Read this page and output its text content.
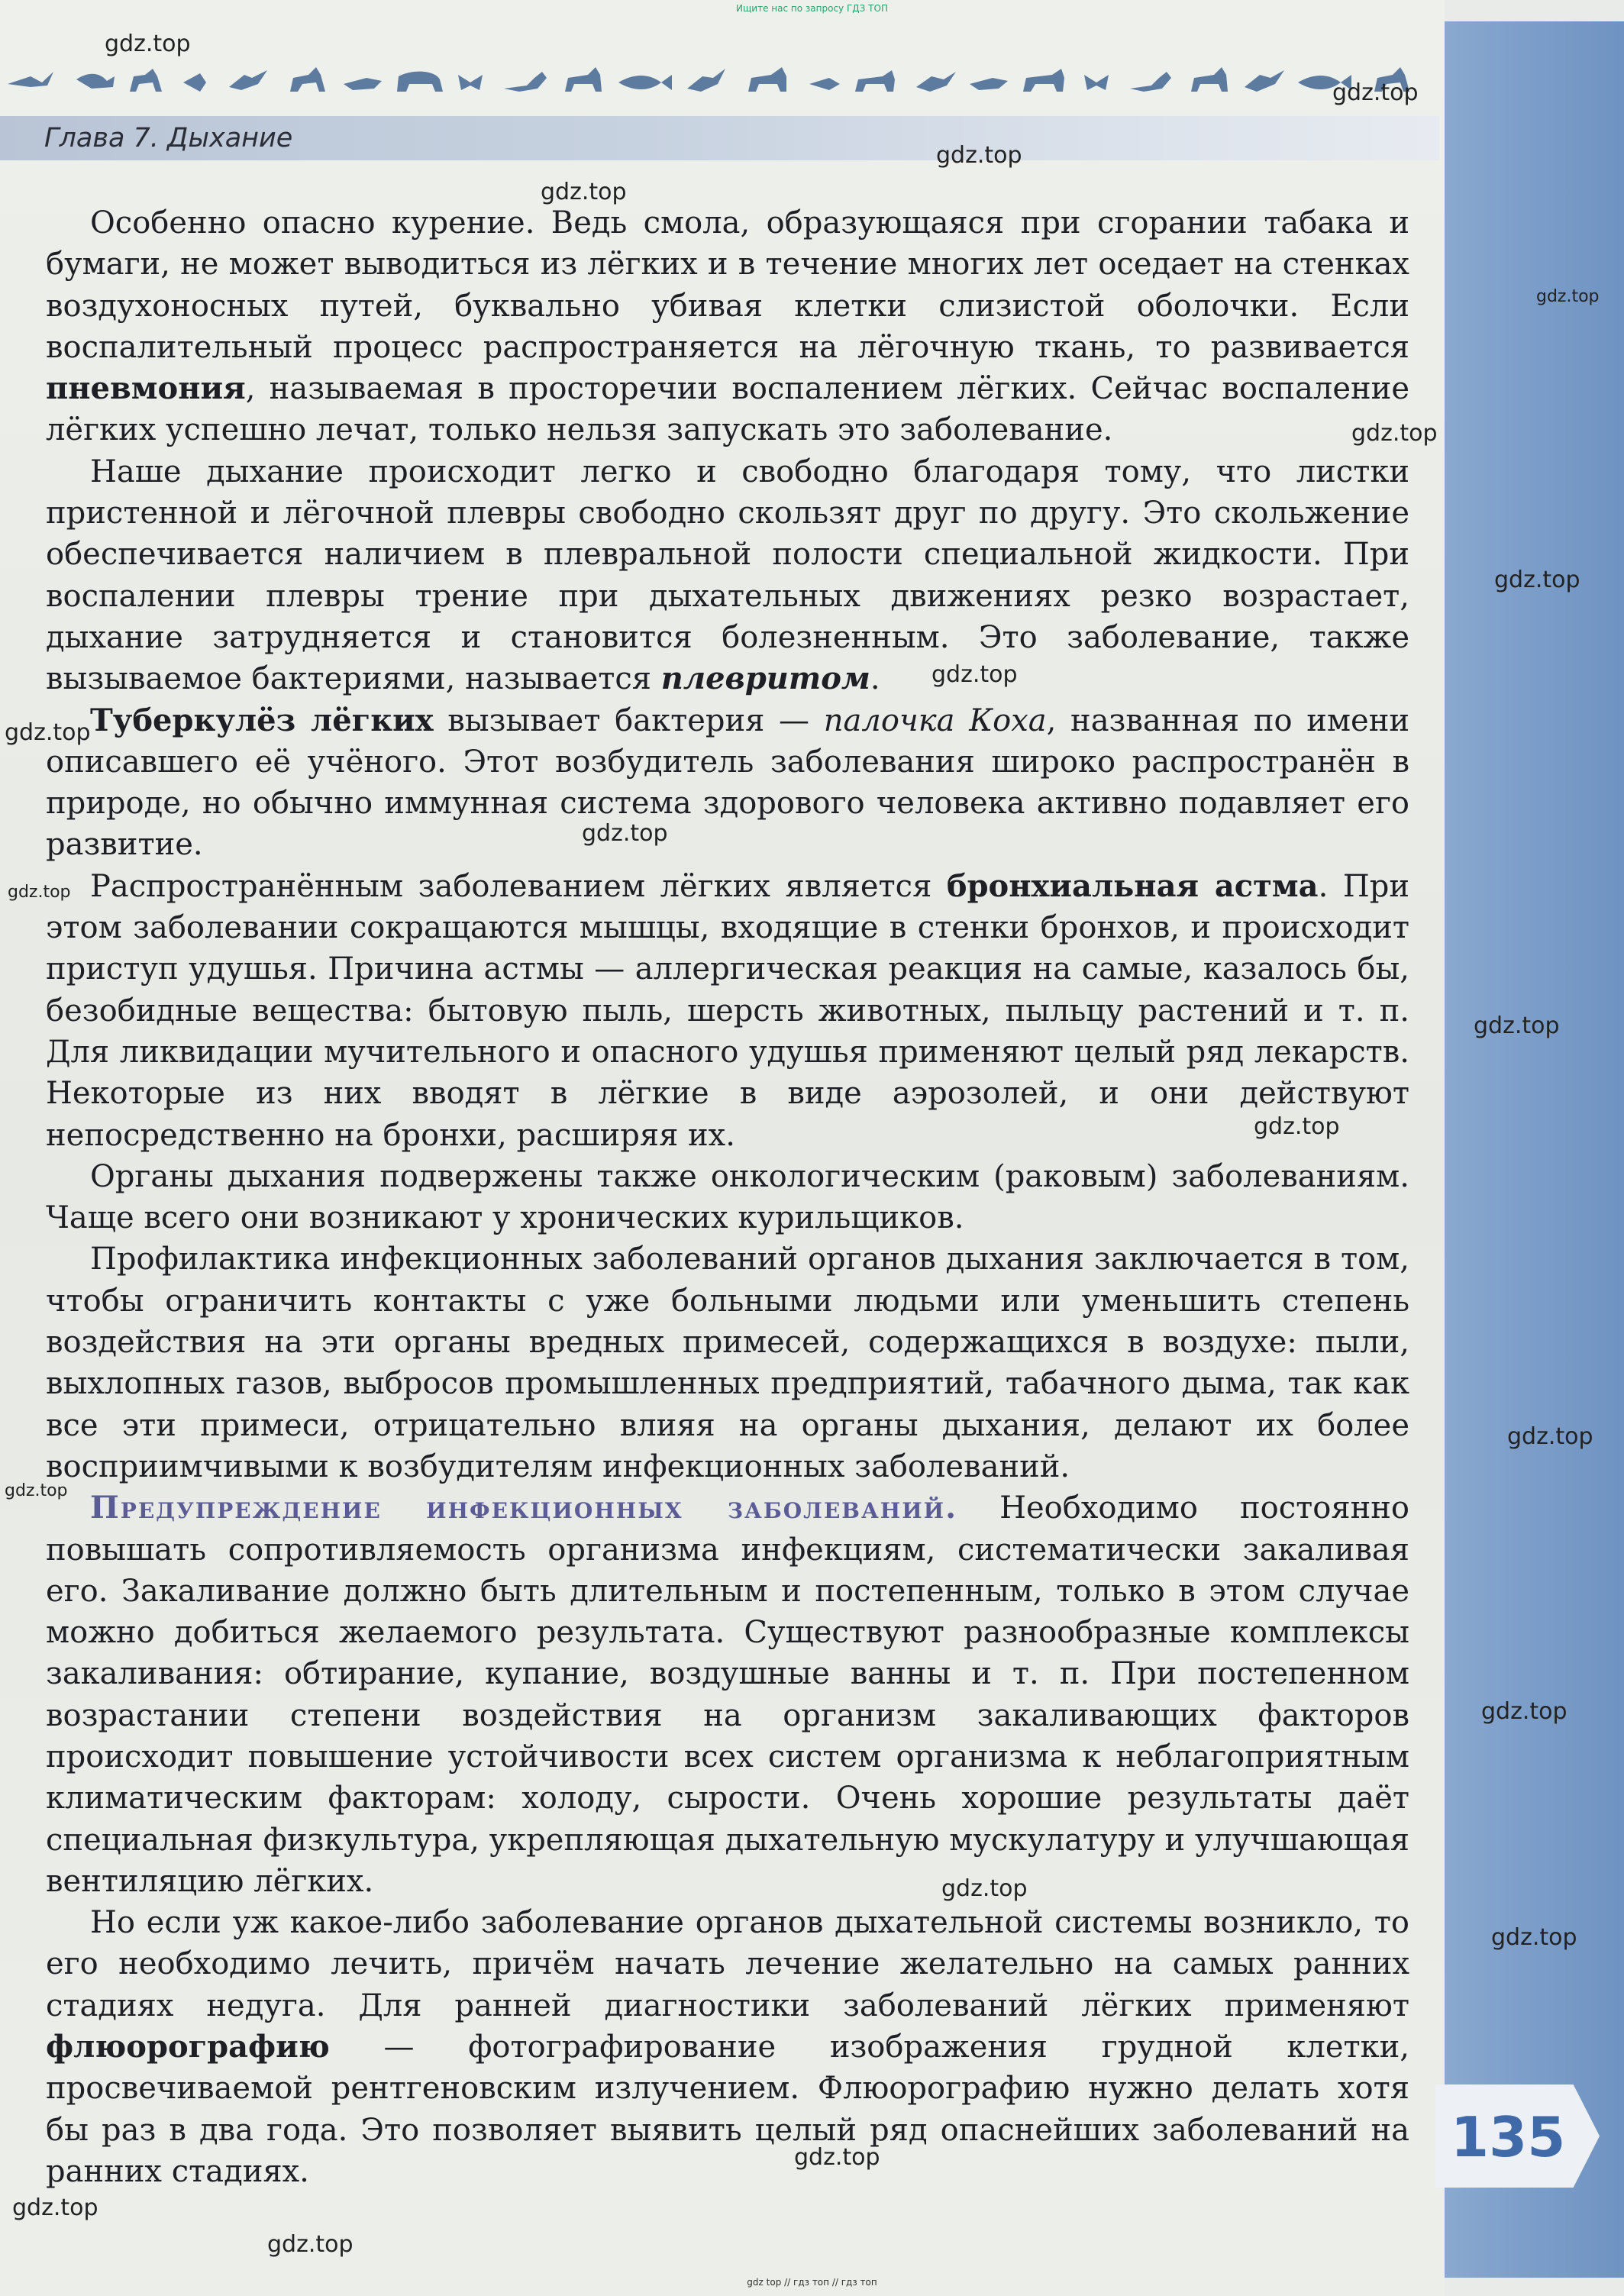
Ищите нас по запросу ГДЗ ТОП
Глава 7. Дыхание

Особенно опасно курение. Ведь смола, образующаяся при сгорании табака и бумаги, не может выводиться из лёгких и в течение многих лет оседает на стенках воздухоносных путей, буквально убивая клетки слизистой оболочки. Если воспалительный процесс распространяется на лёгочную ткань, то развивается пневмония, называемая в просторечии воспалением лёгких. Сейчас воспаление лёгких успешно лечат, только нельзя запускать это заболевание.

Наше дыхание происходит легко и свободно благодаря тому, что листки пристенной и лёгочной плевры свободно скользят друг по другу. Это скольжение обеспечивается наличием в плевральной полости специальной жидкости. При воспалении плевры трение при дыхательных движениях резко возрастает, дыхание затрудняется и становится болезненным. Это заболевание, также вызываемое бактериями, называется плевритом.

Туберкулёз лёгких вызывает бактерия — палочка Коха, названная по имени описавшего её учёного. Этот возбудитель заболевания широко распространён в природе, но обычно иммунная система здорового человека активно подавляет его развитие.

Распространённым заболеванием лёгких является бронхиальная астма. При этом заболевании сокращаются мышцы, входящие в стенки бронхов, и происходит приступ удушья. Причина астмы — аллергическая реакция на самые, казалось бы, безобидные вещества: бытовую пыль, шерсть животных, пыльцу растений и т. п. Для ликвидации мучительного и опасного удушья применяют целый ряд лекарств. Некоторые из них вводят в лёгкие в виде аэрозолей, и они действуют непосредственно на бронхи, расширяя их.

Органы дыхания подвержены также онкологическим (раковым) заболеваниям. Чаще всего они возникают у хронических курильщиков.

Профилактика инфекционных заболеваний органов дыхания заключается в том, чтобы ограничить контакты с уже больными людьми или уменьшить степень воздействия на эти органы вредных примесей, содержащихся в воздухе: пыли, выхлопных газов, выбросов промышленных предприятий, табачного дыма, так как все эти примеси, отрицательно влияя на органы дыхания, делают их более восприимчивыми к возбудителям инфекционных заболеваний.

Предупреждение инфекционных заболеваний. Необходимо постоянно повышать сопротивляемость организма инфекциям, систематически закаливая его. Закаливание должно быть длительным и постепенным, только в этом случае можно добиться желаемого результата. Существуют разнообразные комплексы закаливания: обтирание, купание, воздушные ванны и т. п. При постепенном возрастании степени воздействия на организм закаливающих факторов происходит повышение устойчивости всех систем организма к неблагоприятным климатическим факторам: холоду, сырости. Очень хорошие результаты даёт специальная физкультура, укрепляющая дыхательную мускулатуру и улучшающая вентиляцию лёгких.

Но если уж какое-либо заболевание органов дыхательной системы возникло, то его необходимо лечить, причём начать лечение желательно на самых ранних стадиях недуга. Для ранней диагностики заболеваний лёгких применяют флюорографию — фотографирование изображения грудной клетки, просвечиваемой рентгеновским излучением. Флюорографию нужно делать хотя бы раз в два года. Это позволяет выявить целый ряд опаснейших заболеваний на ранних стадиях.

135
gdz.top
gdz.top
gdz.top
gdz.top
gdz.top
gdz.top
gdz.top
gdz.top
gdz.top
gdz.top
gdz.top
gdz.top
gdz.top
gdz.top
gdz.top
gdz.top
gdz.top
gdz.top
gdz.top
gdz.top
gdz.top
gdz top // гдз топ // гдз топ
